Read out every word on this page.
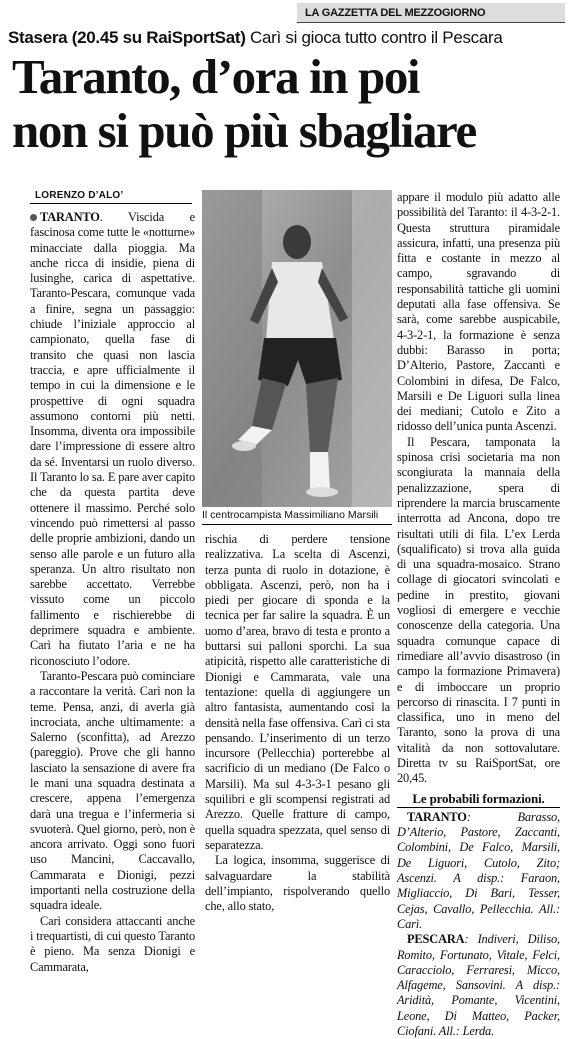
LA GAZZETTA DEL MEZZOGIORNO
Stasera (20.45 su RaiSportSat) Carì si gioca tutto contro il Pescara
Taranto, d’ora in poi
non si può più sbagliare
LORENZO D’ALO’

TARANTO. Viscida e fascinosa come tutte le «notturne» minacciate dalla pioggia. Ma anche ricca di insidie, piena di lusinghe, carica di aspettative. Taranto-Pescara, comunque vada a finire, segna un passaggio: chiude l’iniziale approccio al campionato, quella fase di transito che quasi non lascia traccia, e apre ufficialmente il tempo in cui la dimensione e le prospettive di ogni squadra assumono contorni più netti. Insomma, diventa ora impossibile dare l’impressione di essere altro da sé. Inventarsi un ruolo diverso. Il Taranto lo sa. E pare aver capito che da questa partita deve ottenere il massimo. Perché solo vincendo può rimettersi al passo delle proprie ambizioni, dando un senso alle parole e un futuro alla speranza. Un altro risultato non sarebbe accettato. Verrebbe vissuto come un piccolo fallimento e rischierebbe di deprimere squadra e ambiente. Carì ha fiutato l’aria e ne ha riconosciuto l’odore.

Taranto-Pescara può cominciare a raccontare la verità. Carì non la teme. Pensa, anzi, di averla già incrociata, anche ultimamente: a Salerno (sconfitta), ad Arezzo (pareggio). Prove che gli hanno lasciato la sensazione di avere fra le mani una squadra destinata a crescere, appena l’emergenza darà una tregua e l’infermeria si svuoterà. Quel giorno, però, non è ancora arrivato. Oggi sono fuori uso Mancini, Caccavallo, Cammarata e Dionigi, pezzi importanti nella costruzione della squadra ideale.

Carì considera attaccanti anche i trequartisti, di cui questo Taranto è pieno. Ma senza Dionigi e Cammarata,

Il centrocampista Massimiliano Marsili

rischia di perdere tensione realizzativa. La scelta di Ascenzi, terza punta di ruolo in dotazione, è obbligata. Ascenzi, però, non ha i piedi per giocare di sponda e la tecnica per far salire la squadra. È un uomo d’area, bravo di testa e pronto a buttarsi sui palloni sporchi. La sua atipicità, rispetto alle caratteristiche di Dionigi e Cammarata, vale una tentazione: quella di aggiungere un altro fantasista, aumentando così la densità nella fase offensiva. Carì ci sta pensando. L’inserimento di un terzo incursore (Pellecchia) porterebbe al sacrificio di un mediano (De Falco o Marsili). Ma sul 4-3-3-1 pesano gli squilibri e gli scompensi registrati ad Arezzo. Quelle fratture di campo, quella squadra spezzata, quel senso di separatezza.

La logica, insomma, suggerisce di salvaguardare la stabilità dell’impianto, rispolverando quello che, allo stato,

appare il modulo più adatto alle possibilità del Taranto: il 4-3-2-1. Questa struttura piramidale assicura, infatti, una presenza più fitta e costante in mezzo al campo, sgravando di responsabilità tattiche gli uomini deputati alla fase offensiva. Se sarà, come sarebbe auspicabile, 4-3-2-1, la formazione è senza dubbi: Barasso in porta; D’Alterio, Pastore, Zaccanti e Colombini in difesa, De Falco, Marsili e De Liguori sulla linea dei mediani; Cutolo e Zito a ridosso dell’unica punta Ascenzi.

Il Pescara, tamponata la spinosa crisi societaria ma non scongiurata la mannaia della penalizzazione, spera di riprendere la marcia bruscamente interrotta ad Ancona, dopo tre risultati utili di fila. L’ex Lerda (squalificato) si trova alla guida di una squadra-mosaico. Strano collage di giocatori svincolati e pedine in prestito, giovani vogliosi di emergere e vecchie conoscenze della categoria. Una squadra comunque capace di rimediare all’avvio disastroso (in campo la formazione Primavera) e di imboccare un proprio percorso di rinascita. I 7 punti in classifica, uno in meno del Taranto, sono la prova di una vitalità da non sottovalutare. Diretta tv su RaiSportSat, ore 20,45.

Le probabili formazioni.

TARANTO: Barasso, D’Alterio, Pastore, Zaccanti, Colombini, De Falco, Marsili, De Liguori, Cutolo, Zito; Ascenzi. A disp.: Faraon, Migliaccio, Di Bari, Tesser, Cejas, Cavallo, Pellecchia. All.: Carì.

PESCARA: Indiveri, Diliso, Romito, Fortunato, Vitale, Felci, Caracciolo, Ferraresi, Micco, Alfageme, Sansovini. A disp.: Aridità, Pomante, Vicentini, Leone, Di Matteo, Packer, Ciofani. All.: Lerda.
